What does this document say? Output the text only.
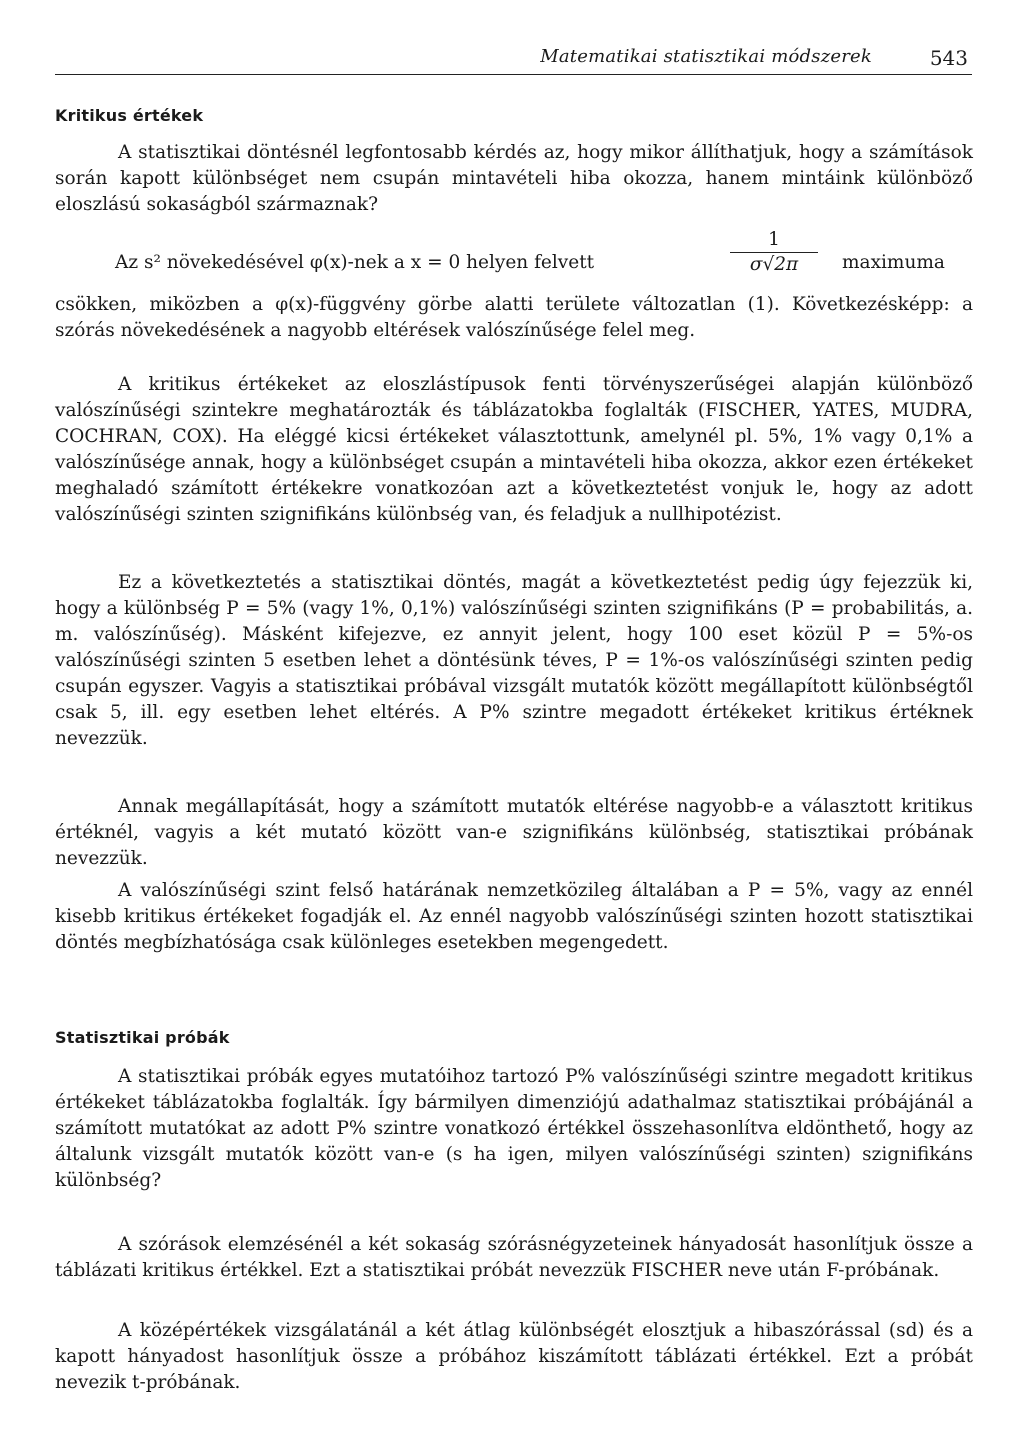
Matematikai statisztikai módszerek	543
Kritikus értékek

A statisztikai döntésnél legfontosabb kérdés az, hogy mikor állíthatjuk, hogy a számítások során kapott különbséget nem csupán mintavételi hiba okozza, hanem mintáink különböző eloszlású sokaságból származnak?

Az s² növekedésével φ(x)-nek a x = 0 helyen felvett
1
σ√2π	maximuma

csökken, miközben a φ(x)-függvény görbe alatti területe változatlan (1). Következésképp: a szórás növekedésének a nagyobb eltérések valószínűsége felel meg.

A kritikus értékeket az eloszlástípusok fenti törvényszerűségei alapján különböző valószínűségi szintekre meghatározták és táblázatokba foglalták (FISCHER, YATES, MUDRA, COCHRAN, COX). Ha eléggé kicsi értékeket választottunk, amelynél pl. 5%, 1% vagy 0,1% a valószínűsége annak, hogy a különbséget csupán a mintavételi hiba okozza, akkor ezen értékeket meghaladó számított értékekre vonatkozóan azt a következtetést vonjuk le, hogy az adott valószínűségi szinten szignifikáns különbség van, és feladjuk a nullhipotézist.

Ez a következtetés a statisztikai döntés, magát a következtetést pedig úgy fejezzük ki, hogy a különbség P = 5% (vagy 1%, 0,1%) valószínűségi szinten szignifikáns (P = probabilitás, a. m. valószínűség). Másként kifejezve, ez annyit jelent, hogy 100 eset közül P = 5%-os valószínűségi szinten 5 esetben lehet a döntésünk téves, P = 1%-os valószínűségi szinten pedig csupán egyszer. Vagyis a statisztikai próbával vizsgált mutatók között megállapított különbségtől csak 5, ill. egy esetben lehet eltérés. A P% szintre megadott értékeket kritikus értéknek nevezzük.

Annak megállapítását, hogy a számított mutatók eltérése nagyobb-e a választott kritikus értéknél, vagyis a két mutató között van-e szignifikáns különbség, statisztikai próbának nevezzük.

A valószínűségi szint felső határának nemzetközileg általában a P = 5%, vagy az ennél kisebb kritikus értékeket fogadják el. Az ennél nagyobb valószínűségi szinten hozott statisztikai döntés megbízhatósága csak különleges esetekben megengedett.

Statisztikai próbák

A statisztikai próbák egyes mutatóihoz tartozó P% valószínűségi szintre megadott kritikus értékeket táblázatokba foglalták. Így bármilyen dimenziójú adathalmaz statisztikai próbájánál a számított mutatókat az adott P% szintre vonatkozó értékkel összehasonlítva eldönthető, hogy az általunk vizsgált mutatók között van-e (s ha igen, milyen valószínűségi szinten) szignifikáns különbség?

A szórások elemzésénél a két sokaság szórásnégyzeteinek hányadosát hasonlítjuk össze a táblázati kritikus értékkel. Ezt a statisztikai próbát nevezzük FISCHER neve után F-próbának.

A középértékek vizsgálatánál a két átlag különbségét elosztjuk a hibaszórással (sd) és a kapott hányadost hasonlítjuk össze a próbához kiszámított táblázati értékkel. Ezt a próbát nevezik t-próbának.
